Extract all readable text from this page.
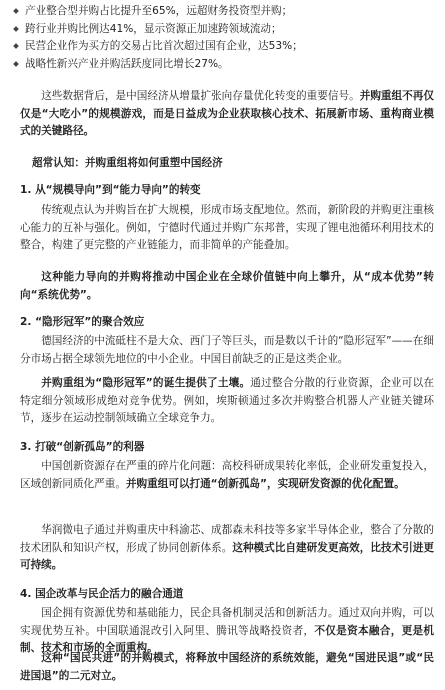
产业整合型并购占比提升至65%，远超财务投资型并购；
跨行业并购比例达41%，显示资源正加速跨领域流动；
民营企业作为买方的交易占比首次超过国有企业，达53%；
战略性新兴产业并购活跃度同比增长27%。

这些数据背后，是中国经济从增量扩张向存量优化转变的重要信号。并购重组不再仅仅是“大吃小”的规模游戏，而是日益成为企业获取核心技术、拓展新市场、重构商业模式的关键路径。

超常认知：并购重组将如何重塑中国经济

1. 从“规模导向”到“能力导向”的转变

传统观点认为并购旨在扩大规模，形成市场支配地位。然而，新阶段的并购更注重核心能力的互补与强化。例如，宁德时代通过并购广东邦普，实现了锂电池循环利用技术的整合，构建了更完整的产业链能力，而非简单的产能叠加。

这种能力导向的并购将推动中国企业在全球价值链中向上攀升，从“成本优势”转向“系统优势”。

2. “隐形冠军”的聚合效应

德国经济的中流砥柱不是大众、西门子等巨头，而是数以千计的“隐形冠军”——在细分市场占据全球领先地位的中小企业。中国目前缺乏的正是这类企业。

并购重组为“隐形冠军”的诞生提供了土壤。通过整合分散的行业资源，企业可以在特定细分领域形成绝对竞争优势。例如，埃斯顿通过多次并购整合机器人产业链关键环节，逐步在运动控制领域确立全球竞争力。

3. 打破“创新孤岛”的利器

中国创新资源存在严重的碎片化问题：高校科研成果转化率低，企业研发重复投入，区域创新同质化严重。并购重组可以打通“创新孤岛”，实现研发资源的优化配置。

华润微电子通过并购重庆中科渝芯、成都森未科技等多家半导体企业，整合了分散的技术团队和知识产权，形成了协同创新体系。这种模式比自建研发更高效，比技术引进更可持续。

4. 国企改革与民企活力的融合通道

国企拥有资源优势和基础能力，民企具备机制灵活和创新活力。通过双向并购，可以实现优势互补。中国联通混改引入阿里、腾讯等战略投资者，不仅是资本融合，更是机制、技术和市场的全面重构。

这种“国民共进”的并购模式，将释放中国经济的系统效能，避免“国进民退”或“民进国退”的二元对立。
